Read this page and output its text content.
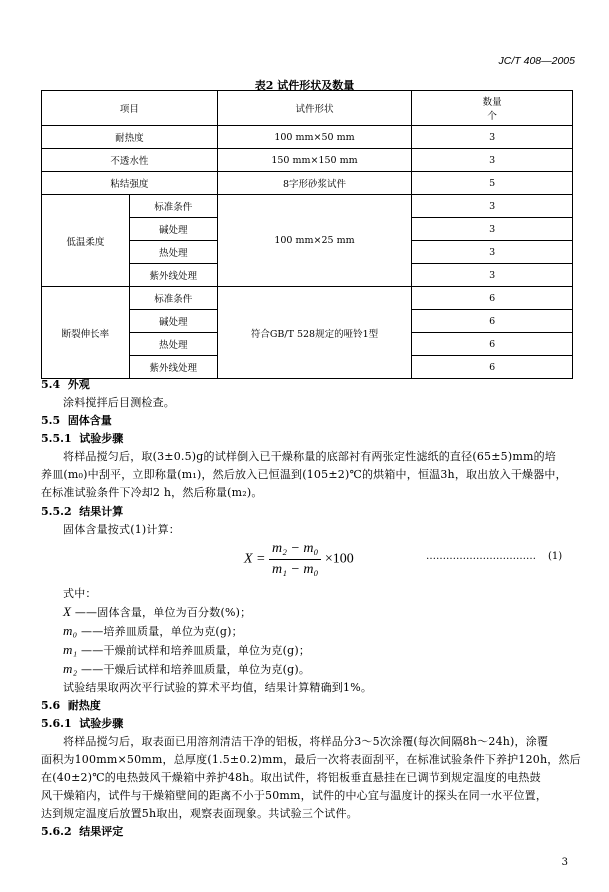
JC/T 408—2005
表2 试件形状及数量
项目		试件形状	数量
个

耐热度		100 mm×50 mm	3
不透水性		150 mm×150 mm	3
粘结强度		8字形砂浆试件	5
低温柔度	标准条件	100 mm×25 mm	3
	碱处理		3
	热处理		3
	紫外线处理		3
断裂伸长率	标准条件	符合GB/T 528规定的哑铃1型	6
	碱处理		6
	热处理		6
	紫外线处理		6
5.4 外观
涂料搅拌后目测检查。
5.5 固体含量
5.5.1 试验步骤
将样品搅匀后，取(3±0.5)g的试样倒入已干燥称量的底部衬有两张定性滤纸的直径(65±5)mm的培
养皿(m₀)中刮平，立即称量(m₁)，然后放入已恒温到(105±2)℃的烘箱中，恒温3h，取出放入干燥器中，
在标准试验条件下冷却2 h，然后称量(m₂)。
5.5.2 结果计算
固体含量按式(1)计算：
$X = \frac{\text{m₂ − m₀}}{\text{m₁ − m₀}} \times 100$	…………………………… (1)
式中：
X ——固体含量，单位为百分数(%)；
m₀ ——培养皿质量，单位为克(g)；
m₁ ——干燥前试样和培养皿质量，单位为克(g)；
m₂ ——干燥后试样和培养皿质量，单位为克(g)。
试验结果取两次平行试验的算术平均值，结果计算精确到1%。
5.6 耐热度
5.6.1 试验步骤
将样品搅匀后，取表面已用溶剂清洁干净的铝板，将样品分3～5次涂覆(每次间隔8h～24h)，涂覆
面积为100mm×50mm，总厚度(1.5±0.2)mm，最后一次将表面刮平，在标准试验条件下养护120h，然后
在(40±2)℃的电热鼓风干燥箱中养护48h。取出试件，将铝板垂直悬挂在已调节到规定温度的电热鼓
风干燥箱内，试件与干燥箱壁间的距离不小于50mm，试件的中心宜与温度计的探头在同一水平位置，
达到规定温度后放置5h取出，观察表面现象。共试验三个试件。
5.6.2 结果评定
3
